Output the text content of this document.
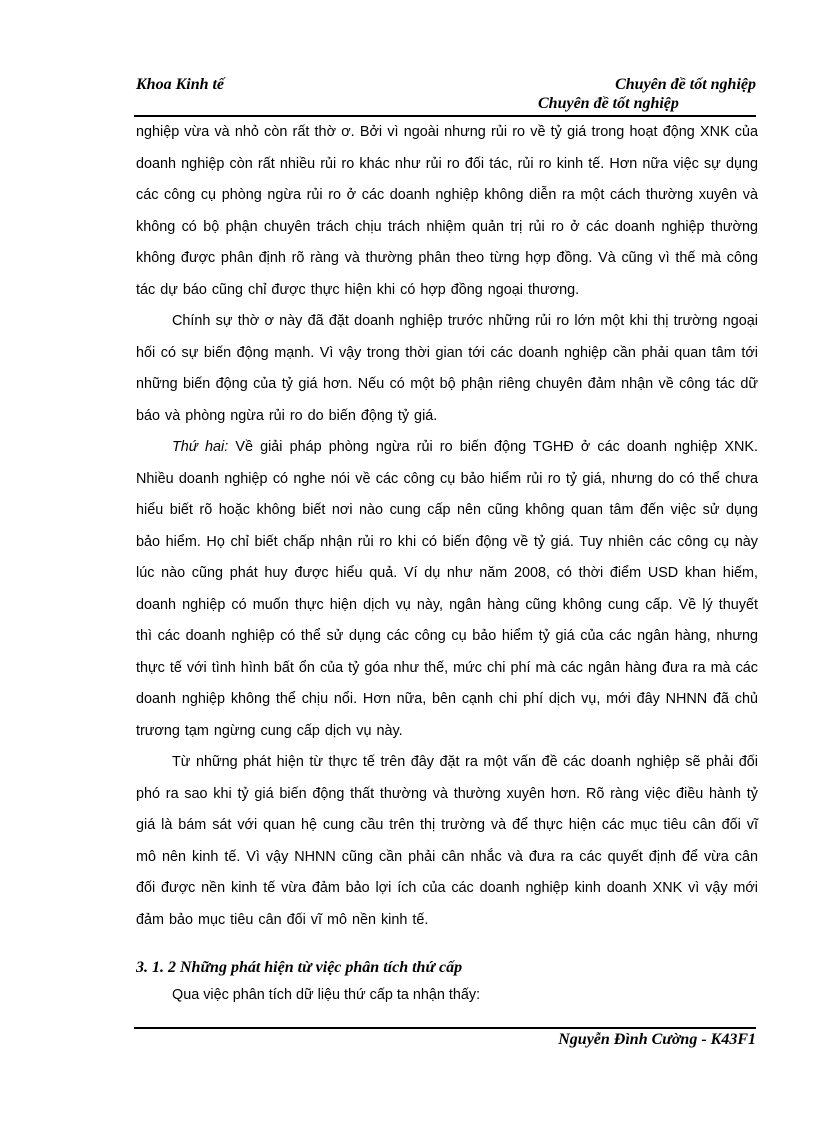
Khoa Kinh tế	Chuyên đề tốt nghiệp
Chuyên đề tốt nghiệp

nghiệp vừa và nhỏ còn rất thờ ơ. Bởi vì ngoài nhưng rủi ro về tỷ giá trong hoạt động XNK của doanh nghiệp còn rất nhiều rủi ro khác như rủi ro đối tác, rủi ro kinh tế. Hơn nữa việc sự dụng các công cụ phòng ngừa rủi ro ở các doanh nghiệp không diễn ra một cách thường xuyên và không có bộ phận chuyên trách chịu trách nhiệm quản trị rủi ro ở các doanh nghiệp thường không được phân định rõ ràng và thường phân theo từng hợp đồng. Và cũng vì thế mà công tác dự báo cũng chỉ được thực hiện khi có hợp đồng ngoại thương.

Chính sự thờ ơ này đã đặt doanh nghiệp trước những rủi ro lớn một khi thị trường ngoại hối có sự biến động mạnh. Vì vậy trong thời gian tới các doanh nghiệp cần phải quan tâm tới những biến động của tỷ giá hơn. Nếu có một bộ phận riêng chuyên đảm nhận về công tác dữ báo và phòng ngừa rủi ro do biến động tỷ giá.

Thứ hai: Về giải pháp phòng ngừa rủi ro biến động TGHĐ ở các doanh nghiệp XNK. Nhiều doanh nghiệp có nghe nói về các công cụ bảo hiểm rủi ro tỷ giá, nhưng do có thể chưa hiểu biết rõ hoặc không biết nơi nào cung cấp nên cũng không quan tâm đến việc sử dụng bảo hiểm. Họ chỉ biết chấp nhận rủi ro khi có biến động về tỷ giá. Tuy nhiên các công cụ này lúc nào cũng phát huy được hiểu quả. Ví dụ như năm 2008, có thời điểm USD khan hiếm, doanh nghiệp có muốn thực hiện dịch vụ này, ngân hàng cũng không cung cấp. Về lý thuyết thì các doanh nghiệp có thể sử dụng các công cụ bảo hiểm tỷ giá của các ngân hàng, nhưng thực tế với tình hình bất ổn của tỷ góa như thế, mức chi phí mà các ngân hàng đưa ra mà các doanh nghiệp không thể chịu nổi. Hơn nữa, bên cạnh chi phí dịch vụ, mới đây NHNN đã chủ trương tạm ngừng cung cấp dịch vụ này.

Từ những phát hiện từ thực tế trên đây đặt ra một vấn đề các doanh nghiệp sẽ phải đối phó ra sao khi tỷ giá biến động thất thường và thường xuyên hơn. Rõ ràng việc điều hành tỷ giá là bám sát với quan hệ cung cầu trên thị trường và để thực hiện các mục tiêu cân đối vĩ mô nên kinh tế. Vì vậy NHNN cũng cần phải cân nhắc và đưa ra các quyết định để vừa cân đối được nền kinh tế vừa đảm bảo lợi ích của các doanh nghiệp kinh doanh XNK vì vậy mới đảm bảo mục tiêu cân đối vĩ mô nền kinh tế.

3. 1. 2 Những phát hiện từ việc phân tích thứ cấp

Qua việc phân tích dữ liệu thứ cấp ta nhận thấy:

Nguyễn Đình Cường - K43F1
